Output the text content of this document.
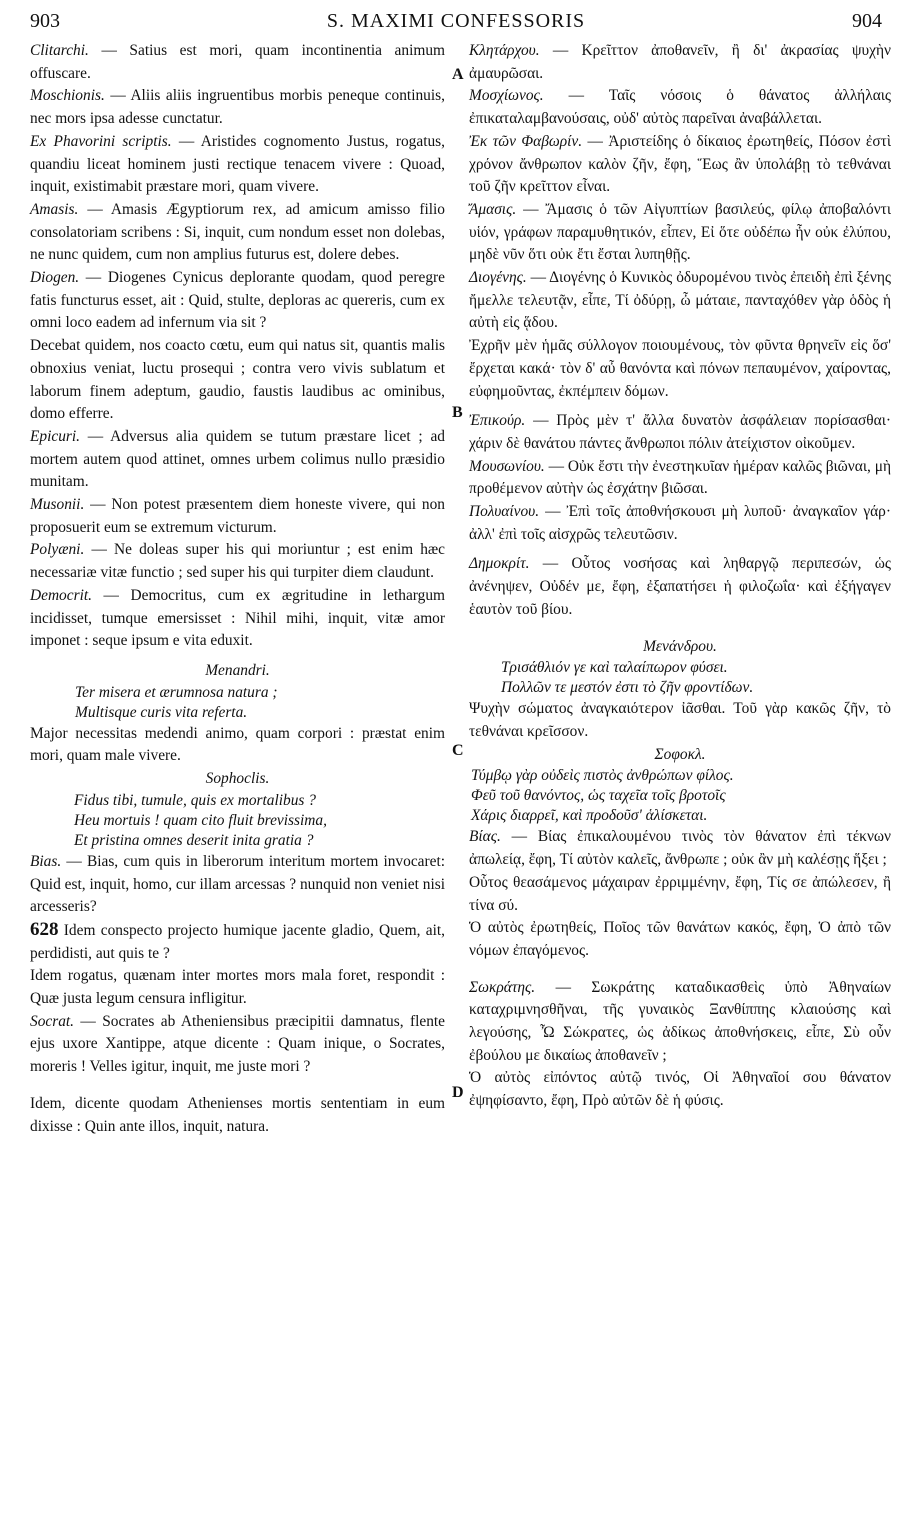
903	S. MAXIMI CONFESSORIS	904
A
B
C
D

Clitarchi. — Satius est mori, quam incontinentia animum offuscare.

Moschionis. — Aliis aliis ingruentibus morbis peneque continuis, nec mors ipsa adesse cunctatur.

Ex Phavorini scriptis. — Aristides cognomento Justus, rogatus, quandiu liceat hominem justi rectique tenacem vivere : Quoad, inquit, existimabit præstare mori, quam vivere.

Amasis. — Amasis Ægyptiorum rex, ad amicum amisso filio consolatoriam scribens : Si, inquit, cum nondum esset non dolebas, ne nunc quidem, cum non amplius futurus est, dolere debes.

Diogen. — Diogenes Cynicus deplorante quodam, quod peregre fatis functurus esset, ait : Quid, stulte, deploras ac quereris, cum ex omni loco eadem ad infernum via sit ?

Decebat quidem, nos coacto cœtu, eum qui natus sit, quantis malis obnoxius veniat, luctu prosequi ; contra vero vivis sublatum et laborum finem adeptum, gaudio, faustis laudibus ac ominibus, domo efferre.

Epicuri. — Adversus alia quidem se tutum præstare licet ; ad mortem autem quod attinet, omnes urbem colimus nullo præsidio munitam.

Musonii. — Non potest præsentem diem honeste vivere, qui non proposuerit eum se extremum victurum.

Polyæni. — Ne doleas super his qui moriuntur ; est enim hæc necessariæ vitæ functio ; sed super his qui turpiter diem claudunt.

Democrit. — Democritus, cum ex ægritudine in lethargum incidisset, tumque emersisset : Nihil mihi, inquit, vitæ amor imponet : seque ipsum e vita eduxit.

Menandri.

Ter misera et ærumnosa natura ;

Multisque curis vita referta.

Major necessitas medendi animo, quam corpori : præstat enim mori, quam male vivere.

Sophoclis.

Fidus tibi, tumule, quis ex mortalibus ?

Heu mortuis ! quam cito fluit brevissima,

Et pristina omnes deserit inita gratia ?

Bias. — Bias, cum quis in liberorum interitum mortem invocaret: Quid est, inquit, homo, cur illam arcessas ? nunquid non veniet nisi arcesseris?

628 Idem conspecto projecto humique jacente gladio, Quem, ait, perdidisti, aut quis te ?

Idem rogatus, quænam inter mortes mors mala foret, respondit : Quæ justa legum censura infligitur.

Socrat. — Socrates ab Atheniensibus præcipitii damnatus, flente ejus uxore Xantippe, atque dicente : Quam inique, o Socrates, moreris ! Velles igitur, inquit, me juste mori ?

Idem, dicente quodam Athenienses mortis sententiam in eum dixisse : Quin ante illos, inquit, natura.

Κλητάρχου. — Κρεῖττον ἀποθανεῖν, ἢ δι' ἀκρασίας ψυχὴν ἀμαυρῶσαι.

Μοσχίωνος. — Ταῖς νόσοις ὁ θάνατος ἀλλήλαις ἐπικαταλαμβανούσαις, οὐδ' αὐτὸς παρεῖναι ἀναβάλλεται.

Ἐκ τῶν Φαβωρίν. — Ἀριστείδης ὁ δίκαιος ἐρωτηθείς, Πόσον ἐστὶ χρόνον ἄνθρωπον καλὸν ζῆν, ἔφη, Ἕως ἂν ὑπολάβῃ τὸ τεθνάναι τοῦ ζῆν κρεῖττον εἶναι.

Ἄμασις. — Ἄμασις ὁ τῶν Αἰγυπτίων βασιλεύς, φίλῳ ἀποβαλόντι υἱόν, γράφων παραμυθητικόν, εἶπεν, Εἰ ὅτε οὐδέπω ἦν οὐκ ἐλύπου, μηδὲ νῦν ὅτι οὐκ ἔτι ἔσται λυπηθῇς.

Διογένης. — Διογένης ὁ Κυνικὸς ὀδυρομένου τινὸς ἐπειδὴ ἐπὶ ξένης ἤμελλε τελευτᾷν, εἶπε, Τί ὀδύρῃ, ὦ μάταιε, πανταχόθεν γὰρ ὁδὸς ἡ αὐτὴ εἰς ᾅδου.

Ἐχρῆν μὲν ἡμᾶς σύλλογον ποιουμένους, τὸν φῦντα θρηνεῖν εἰς ὅσ' ἔρχεται κακά· τὸν δ' αὖ θανόντα καὶ πόνων πεπαυμένον, χαίροντας, εὐφημοῦντας, ἐκπέμπειν δόμων.

Ἐπικούρ. — Πρὸς μὲν τ' ἄλλα δυνατὸν ἀσφάλειαν πορίσασθαι· χάριν δὲ θανάτου πάντες ἄνθρωποι πόλιν ἀτείχιστον οἰκοῦμεν.

Μουσωνίου. — Οὐκ ἔστι τὴν ἐνεστηκυῖαν ἡμέραν καλῶς βιῶναι, μὴ προθέμενον αὐτὴν ὡς ἐσχάτην βιῶσαι.

Πολυαίνου. — Ἐπὶ τοῖς ἀποθνήσκουσι μὴ λυποῦ· ἀναγκαῖον γάρ· ἀλλ' ἐπὶ τοῖς αἰσχρῶς τελευτῶσιν.

Δημοκρίτ. — Οὗτος νοσήσας καὶ ληθαργῷ περιπεσών, ὡς ἀνένηψεν, Οὐδέν με, ἔφη, ἐξαπατήσει ἡ φιλοζωΐα· καὶ ἐξήγαγεν ἑαυτὸν τοῦ βίου.

Μενάνδρου.

Τρισάθλιόν γε καὶ ταλαίπωρον φύσει.

Πολλῶν τε μεστόν ἐστι τὸ ζῆν φροντίδων.

Ψυχὴν σώματος ἀναγκαιότερον ἰᾶσθαι. Τοῦ γὰρ κακῶς ζῆν, τὸ τεθνάναι κρεῖσσον.

Σοφοκλ.

Τύμβῳ γὰρ οὐδεὶς πιστὸς ἀνθρώπων φίλος.

Φεῦ τοῦ θανόντος, ὡς ταχεῖα τοῖς βροτοῖς

Χάρις διαρρεῖ, καὶ προδοῦσ' ἁλίσκεται.

Βίας. — Βίας ἐπικαλουμένου τινὸς τὸν θάνατον ἐπὶ τέκνων ἀπωλείᾳ, ἔφη, Τί αὐτὸν καλεῖς, ἄνθρωπε ; οὐκ ἂν μὴ καλέσῃς ἥξει ;

Οὗτος θεασάμενος μάχαιραν ἐρριμμένην, ἔφη, Τίς σε ἀπώλεσεν, ἢ τίνα σύ.

Ὁ αὐτὸς ἐρωτηθείς, Ποῖος τῶν θανάτων κακός, ἔφη, Ὁ ἀπὸ τῶν νόμων ἐπαγόμενος.

Σωκράτης. — Σωκράτης καταδικασθεὶς ὑπὸ Ἀθηναίων καταχριμνησθῆναι, τῆς γυναικὸς Ξανθίππης κλαιούσης καὶ λεγούσης, Ὦ Σώκρατες, ὡς ἀδίκως ἀποθνήσκεις, εἶπε, Σὺ οὖν ἐβούλου με δικαίως ἀποθανεῖν ;

Ὁ αὐτὸς εἰπόντος αὐτῷ τινός, Οἱ Ἀθηναῖοί σου θάνατον ἐψηφίσαντο, ἔφη, Πρὸ αὐτῶν δὲ ἡ φύσις.
